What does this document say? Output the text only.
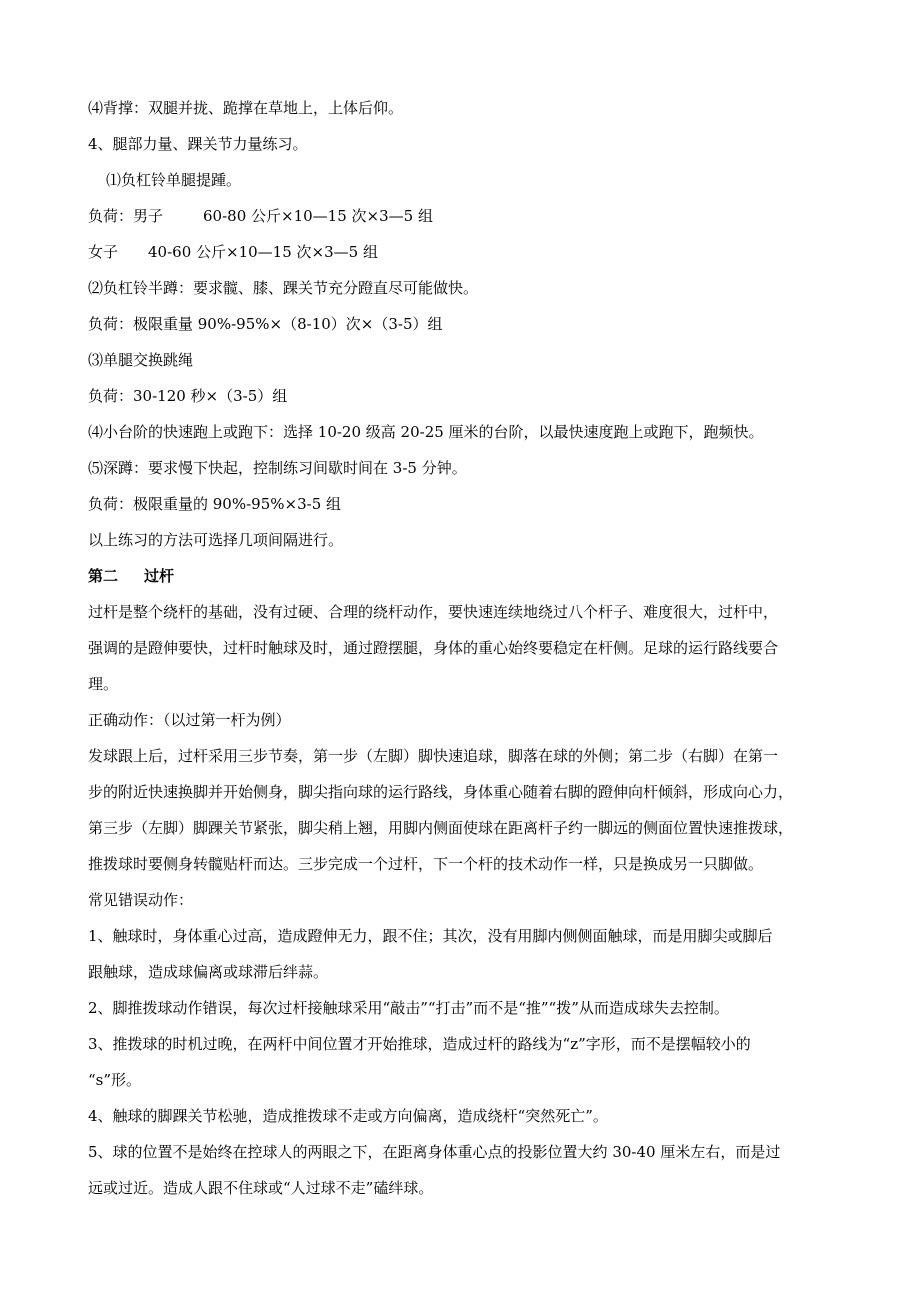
⑷背撑：双腿并拢、跪撑在草地上，上体后仰。

4、腿部力量、踝关节力量练习。

⑴负杠铃单腿提踵。

负荷：男子	60-80 公斤×10—15 次×3—5 组

女子 40-60 公斤×10—15 次×3—5 组

⑵负杠铃半蹲：要求髋、膝、踝关节充分蹬直尽可能做快。

负荷：极限重量 90%-95%×（8-10）次×（3-5）组

⑶单腿交换跳绳

负荷：30-120 秒×（3-5）组

⑷小台阶的快速跑上或跑下：选择 10-20 级高 20-25 厘米的台阶，以最快速度跑上或跑下，跑频快。

⑸深蹲：要求慢下快起，控制练习间歇时间在 3-5 分钟。

负荷：极限重量的 90%-95%×3-5 组

以上练习的方法可选择几项间隔进行。

第二 过杆

过杆是整个绕杆的基础，没有过硬、合理的绕杆动作，要快速连续地绕过八个杆子、难度很大，过杆中，
强调的是蹬伸要快，过杆时触球及时，通过蹬摆腿，身体的重心始终要稳定在杆侧。足球的运行路线要合
理。

正确动作：（以过第一杆为例）

发球跟上后，过杆采用三步节奏，第一步（左脚）脚快速追球，脚落在球的外侧；第二步（右脚）在第一
步的附近快速换脚并开始侧身，脚尖指向球的运行路线，身体重心随着右脚的蹬伸向杆倾斜，形成向心力，
第三步（左脚）脚踝关节紧张，脚尖稍上翘，用脚内侧面使球在距离杆子约一脚远的侧面位置快速推拨球，
推拨球时要侧身转髋贴杆而达。三步完成一个过杆，下一个杆的技术动作一样，只是换成另一只脚做。

常见错误动作：

1、触球时，身体重心过高，造成蹬伸无力，跟不住；其次，没有用脚内侧侧面触球，而是用脚尖或脚后
跟触球，造成球偏离或球滞后绊蒜。

2、脚推拨球动作错误，每次过杆接触球采用“敲击”“打击”而不是“推”“拨”从而造成球失去控制。

3、推拨球的时机过晚，在两杆中间位置才开始推球，造成过杆的路线为“z”字形，而不是摆幅较小的
“s”形。

4、触球的脚踝关节松驰，造成推拨球不走或方向偏离，造成绕杆“突然死亡”。

5、球的位置不是始终在控球人的两眼之下，在距离身体重心点的投影位置大约 30-40 厘米左右，而是过
远或过近。造成人跟不住球或“人过球不走”磕绊球。
